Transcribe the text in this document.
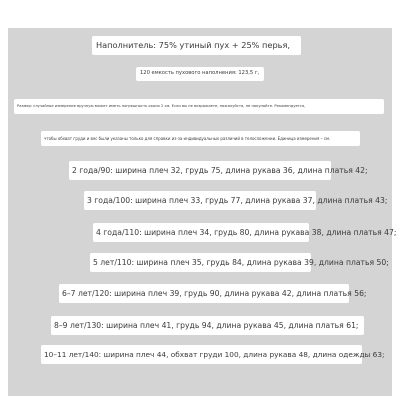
Наполнитель: 75% утиный пух + 25% перья,
120 емкость пухового наполнения: 123,5 г,
Размер: случайное измерение вручную может иметь погрешность около 2 см. Если вы не возражаете, пожалуйста, не покупайте. Рекомендуется,
чтобы обхват груди и вес были указаны только для справки из-за индивидуальных различий в телосложении. Единица измерения – см.
2 года/90: ширина плеч 32, грудь 75, длина рукава 36, длина платья 42;
3 года/100: ширина плеч 33, грудь 77, длина рукава 37, длина платья 43;
4 года/110: ширина плеч 34, грудь 80, длина рукава 38, длина платья 47;
5 лет/110: ширина плеч 35, грудь 84, длина рукава 39, длина платья 50;
6–7 лет/120: ширина плеч 39, грудь 90, длина рукава 42, длина платья 56;
8–9 лет/130: ширина плеч 41, грудь 94, длина рукава 45, длина платья 61;
10–11 лет/140: ширина плеч 44, обхват груди 100, длина рукава 48, длина одежды 63;
